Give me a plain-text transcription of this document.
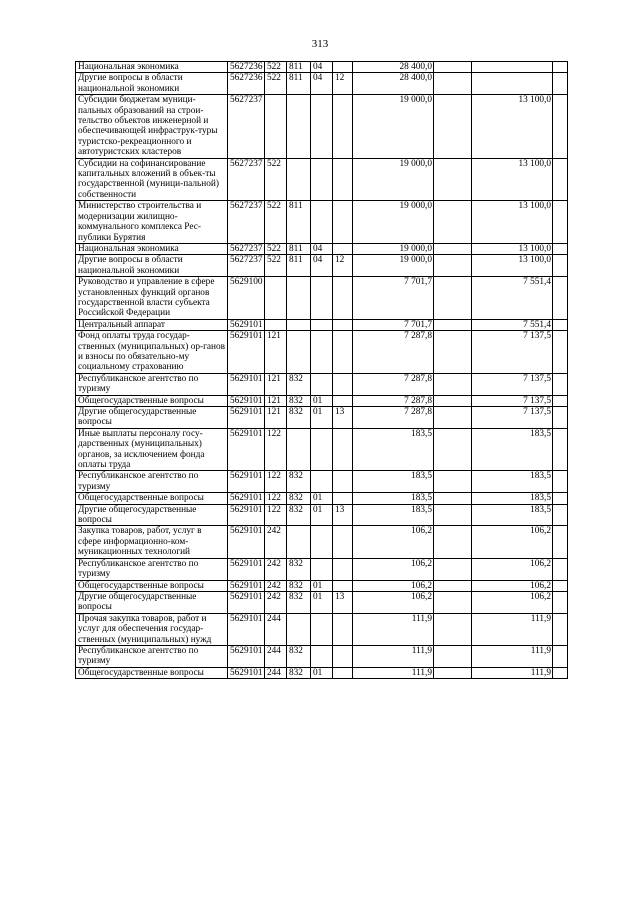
313
Национальная экономика	5627236	522	811	04		28 400,0			
Другие вопросы в области национальной экономики	5627236	522	811	04	12	28 400,0			
Субсидии бюджетам муници-пальных образований на строи-тельство объектов инженерной и обеспечивающей инфраструк-туры туристско-рекреационного и автотуристских кластеров	5627237					19 000,0		13 100,0	
Субсидии на софинансирование капитальных вложений в объек-ты государственной (муници-пальной) собственности	5627237	522				19 000,0		13 100,0	
Министерство строительства и модернизации жилищно-коммунального комплекса Рес-публики Бурятия	5627237	522	811			19 000,0		13 100,0	
Национальная экономика	5627237	522	811	04		19 000,0		13 100,0	
Другие вопросы в области национальной экономики	5627237	522	811	04	12	19 000,0		13 100,0	
Руководство и управление в сфере установленных функций органов государственной власти субъекта Российской Федерации	5629100					7 701,7		7 551,4	
Центральный аппарат	5629101					7 701,7		7 551,4	
Фонд оплаты труда государ-ственных (муниципальных) ор-ганов и взносы по обязательно-му социальному страхованию	5629101	121				7 287,8		7 137,5	
Республиканское агентство по туризму	5629101	121	832			7 287,8		7 137,5	
Общегосударственные вопросы	5629101	121	832	01		7 287,8		7 137,5	
Другие общегосударственные вопросы	5629101	121	832	01	13	7 287,8		7 137,5	
Иные выплаты персоналу госу-дарственных (муниципальных) органов, за исключением фонда оплаты труда	5629101	122				183,5		183,5	
Республиканское агентство по туризму	5629101	122	832			183,5		183,5	
Общегосударственные вопросы	5629101	122	832	01		183,5		183,5	
Другие общегосударственные вопросы	5629101	122	832	01	13	183,5		183,5	
Закупка товаров, работ, услуг в сфере информационно-ком-муникационных технологий	5629101	242				106,2		106,2	
Республиканское агентство по туризму	5629101	242	832			106,2		106,2	
Общегосударственные вопросы	5629101	242	832	01		106,2		106,2	
Другие общегосударственные вопросы	5629101	242	832	01	13	106,2		106,2	
Прочая закупка товаров, работ и услуг для обеспечения государ-ственных (муниципальных) нужд	5629101	244				111,9		111,9	
Республиканское агентство по туризму	5629101	244	832			111,9		111,9	
Общегосударственные вопросы	5629101	244	832	01		111,9		111,9	
